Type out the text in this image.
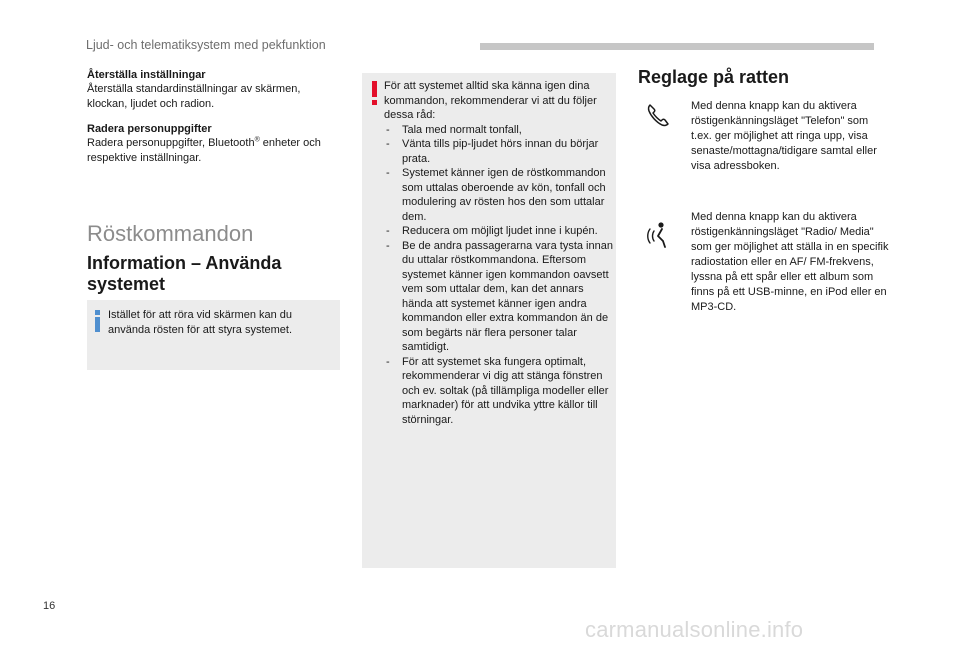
Ljud- och telematiksystem med pekfunktion
Återställa inställningar
Återställa standardinställningar av skärmen, klockan, ljudet och radion.
Radera personuppgifter
Radera personuppgifter, Bluetooth® enheter och respektive inställningar.
Röstkommandon
Information – Använda systemet
Istället för att röra vid skärmen kan du använda rösten för att styra systemet.
För att systemet alltid ska känna igen dina kommandon, rekommenderar vi att du följer dessa råd:
- Tala med normalt tonfall,
- Vänta tills pip-ljudet hörs innan du börjar prata.
- Systemet känner igen de röstkommandon som uttalas oberoende av kön, tonfall och modulering av rösten hos den som uttalar dem.
- Reducera om möjligt ljudet inne i kupén.
- Be de andra passagerarna vara tysta innan du uttalar röstkommandona. Eftersom systemet känner igen kommandon oavsett vem som uttalar dem, kan det annars hända att systemet känner igen andra kommandon eller extra kommandon än de som begärts när flera personer talar samtidigt.
- För att systemet ska fungera optimalt, rekommenderar vi dig att stänga fönstren och ev. soltak (på tillämpliga modeller eller marknader) för att undvika yttre källor till störningar.
Reglage på ratten
Med denna knapp kan du aktivera röstigenkänningsläget "Telefon" som t.ex. ger möjlighet att ringa upp, visa senaste/mottagna/tidigare samtal eller visa adressboken.
Med denna knapp kan du aktivera röstigenkänningsläget "Radio/ Media" som ger möjlighet att ställa in en specifik radiostation eller en AF/ FM-frekvens, lyssna på ett spår eller ett album som finns på ett USB-minne, en iPod eller en MP3-CD.
16
carmanualsonline.info
